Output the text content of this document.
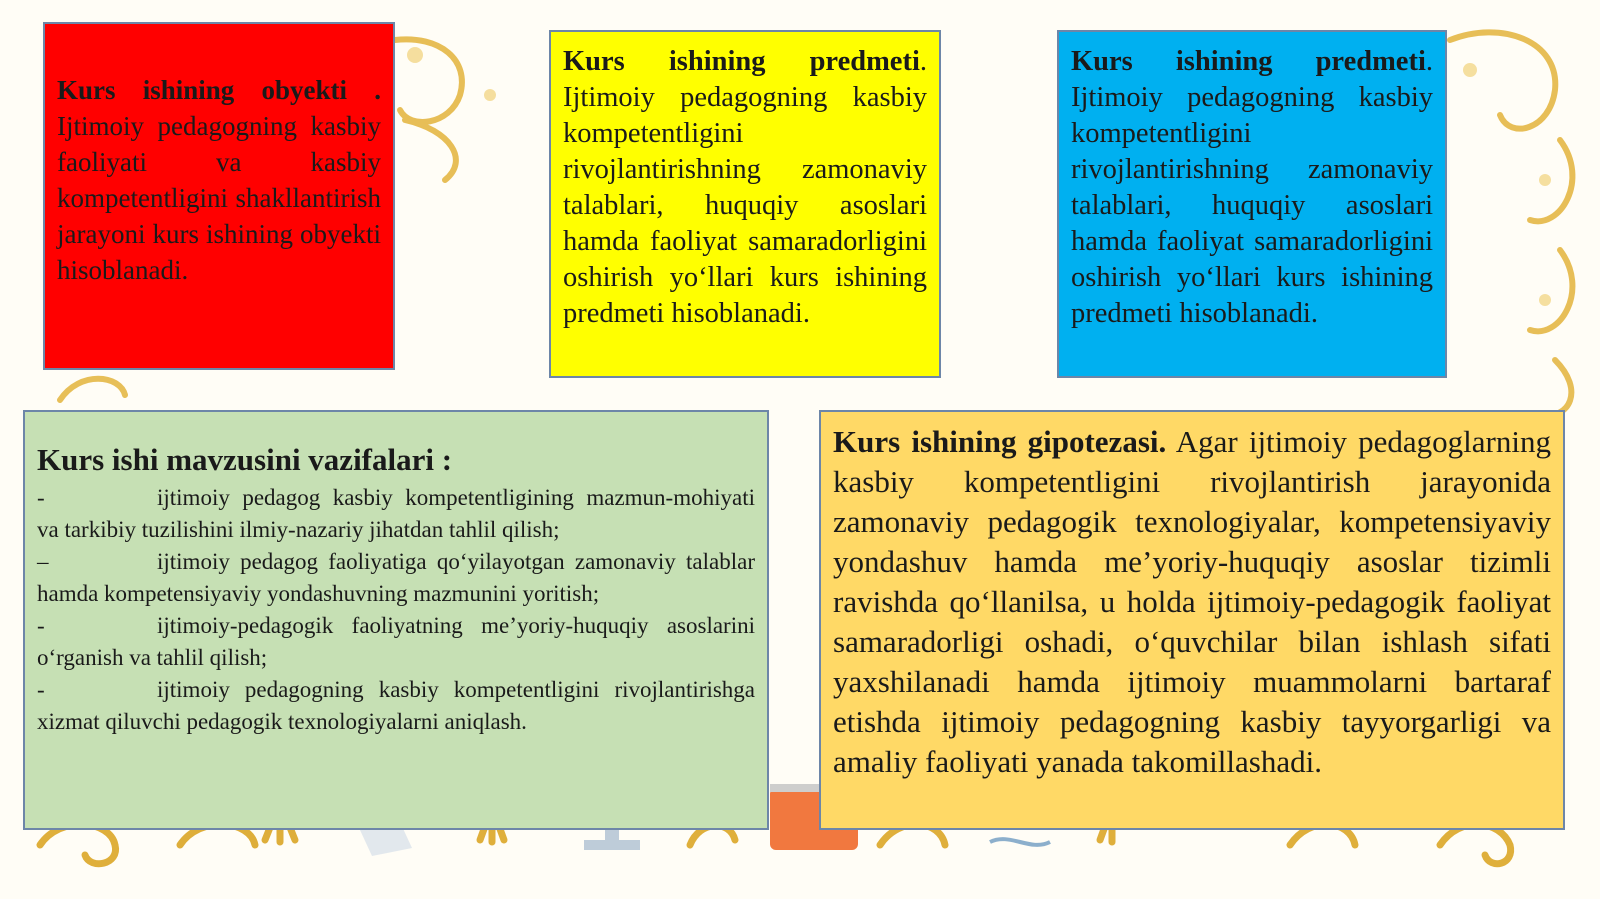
Kurs ishining obyekti . Ijtimoiy pedagogning kasbiy faoliyati va kasbiy kompetentligini shakllantirish jarayoni kurs ishining obyekti hisoblanadi.

Kurs ishining predmeti. Ijtimoiy pedagogning kasbiy kompetentligini rivojlantirishning zamonaviy talablari, huquqiy asoslari hamda faoliyat samaradorligini oshirish yo‘llari kurs ishining predmeti hisoblanadi.

Kurs ishining predmeti. Ijtimoiy pedagogning kasbiy kompetentligini rivojlantirishning zamonaviy talablari, huquqiy asoslari hamda faoliyat samaradorligini oshirish yo‘llari kurs ishining predmeti hisoblanadi.

Kurs ishi mavzusini vazifalari :
-	ijtimoiy pedagog kasbiy kompetentligining mazmun-mohiyati va tarkibiy tuzilishini ilmiy-nazariy jihatdan tahlil qilish;
–	ijtimoiy pedagog faoliyatiga qo‘yilayotgan zamonaviy talablar hamda kompetensiyaviy yondashuvning mazmunini yoritish;
-	ijtimoiy-pedagogik faoliyatning me’yoriy-huquqiy asoslarini o‘rganish va tahlil qilish;
-	ijtimoiy pedagogning kasbiy kompetentligini rivojlantirishga xizmat qiluvchi pedagogik texnologiyalarni aniqlash.

Kurs ishining gipotezasi. Agar ijtimoiy pedagoglarning kasbiy kompetentligini rivojlantirish jarayonida zamonaviy pedagogik texnologiyalar, kompetensiyaviy yondashuv hamda me’yoriy-huquqiy asoslar tizimli ravishda qo‘llanilsa, u holda ijtimoiy-pedagogik faoliyat samaradorligi oshadi, o‘quvchilar bilan ishlash sifati yaxshilanadi hamda ijtimoiy muammolarni bartaraf etishda ijtimoiy pedagogning kasbiy tayyorgarligi va amaliy faoliyati yanada takomillashadi.
